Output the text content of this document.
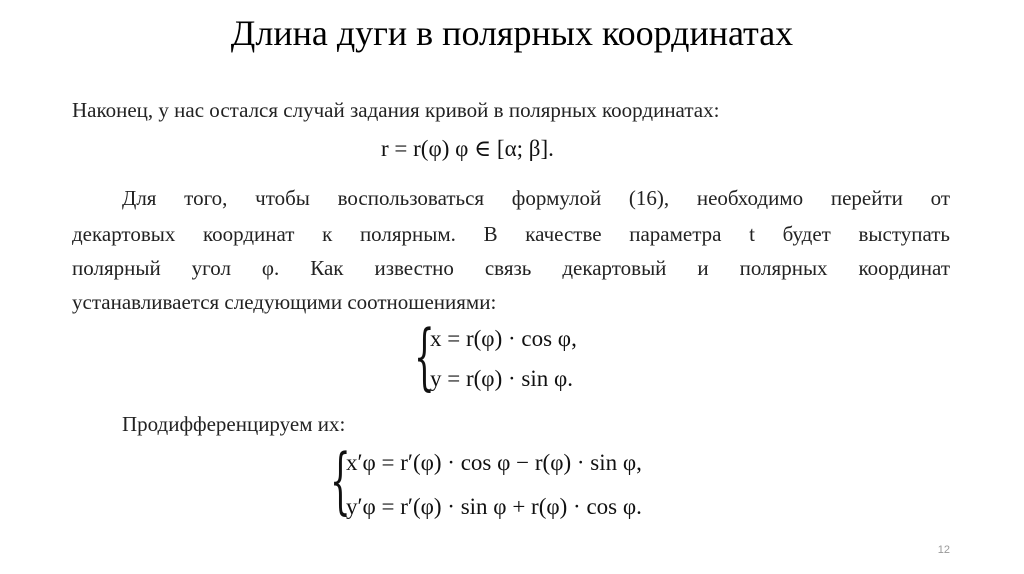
Длина дуги в полярных координатах
Наконец, у нас остался случай задания кривой в полярных координатах:
r = r(φ) φ ∈ [α; β].
Для того, чтобы воспользоваться формулой (16), необходимо перейти от
декартовых координат к полярным. В качестве параметра t будет выступать
полярный угол φ. Как известно связь декартовый и полярных координат
устанавливается следующими соотношениями:
{
x = r(φ) · cos φ,
y = r(φ) · sin φ.
Продифференцируем их:
{
x′φ = r′(φ) · cos φ − r(φ) · sin φ,
y′φ = r′(φ) · sin φ + r(φ) · cos φ.
12
